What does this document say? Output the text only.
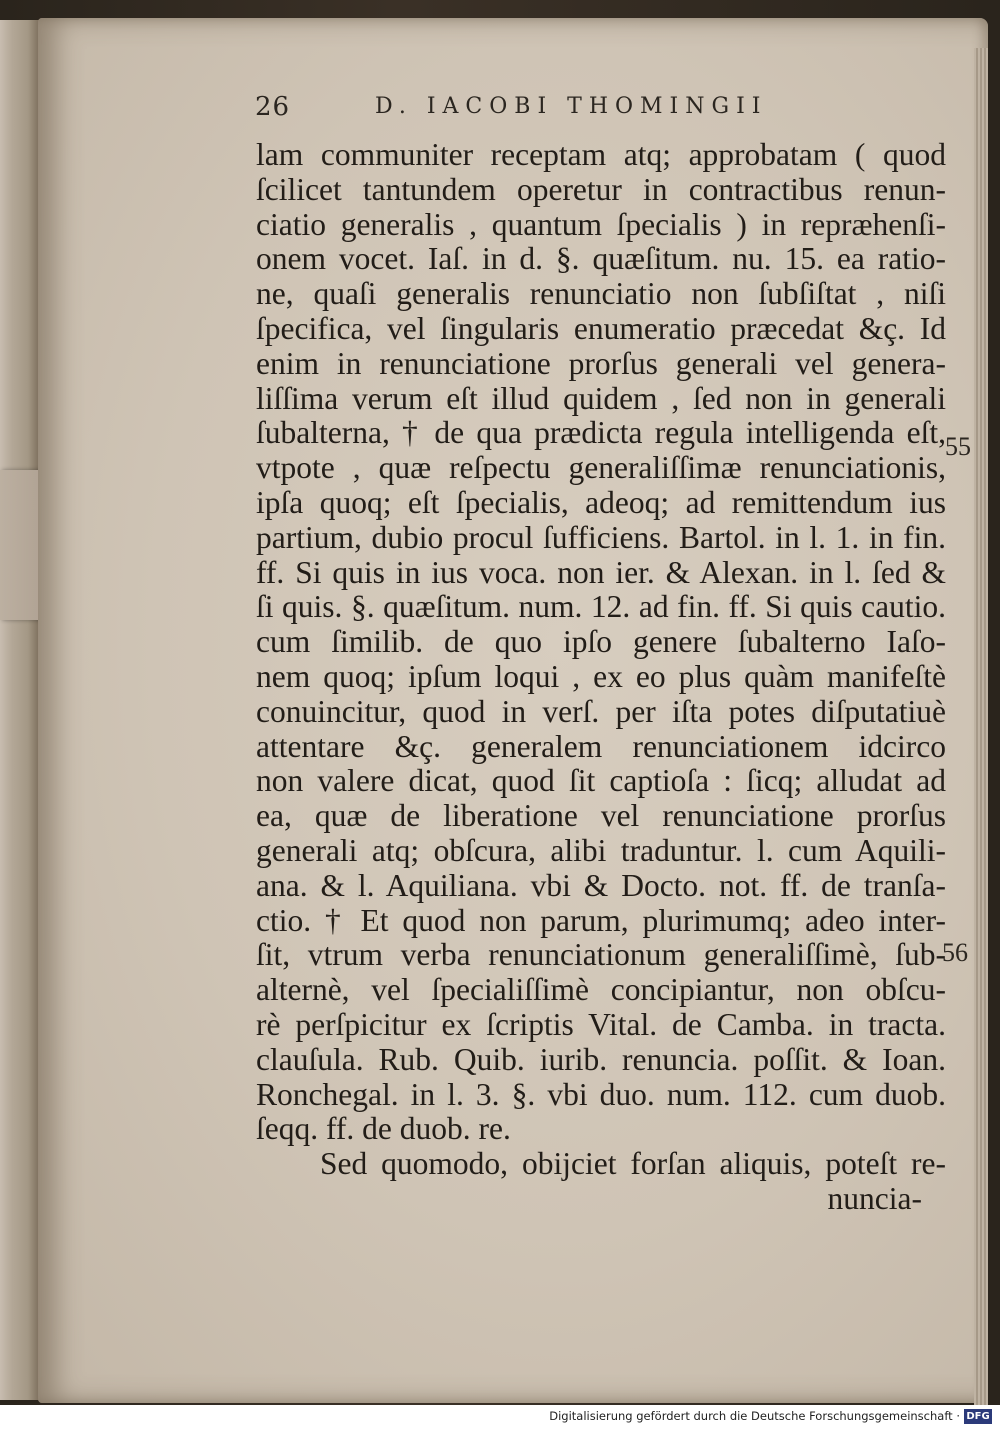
26	D. IACOBI THOMINGII
lam communiter receptam atq; approbatam ( quod
ſcilicet tantundem operetur in contractibus renun-
ciatio generalis , quantum ſpecialis ) in repræhenſi-
onem vocet. Iaſ. in d. §. quæſitum. nu. 15. ea ratio-
ne, quaſi generalis renunciatio non ſubſiſtat , niſi
ſpecifica, vel ſingularis enumeratio præcedat &ç. Id
enim in renunciatione prorſus generali vel genera-
liſſima verum eſt illud quidem , ſed non in generali
ſubalterna, † de qua prædicta regula intelligenda eſt,
vtpote , quæ reſpectu generaliſſimæ renunciationis,
ipſa quoq; eſt ſpecialis, adeoq; ad remittendum ius
partium, dubio procul ſufficiens. Bartol. in l. 1. in fin.
ff. Si quis in ius voca. non ier. & Alexan. in l. ſed &
ſi quis. §. quæſitum. num. 12. ad fin. ff. Si quis cautio.
cum ſimilib. de quo ipſo genere ſubalterno Iaſo-
nem quoq; ipſum loqui , ex eo plus quàm manifeſtè
conuincitur, quod in verſ. per iſta potes diſputatiuè
attentare &ç. generalem renunciationem idcirco
non valere dicat, quod ſit captioſa : ſicq; alludat ad
ea, quæ de liberatione vel renunciatione prorſus
generali atq; obſcura, alibi traduntur. l. cum Aquili-
ana. & l. Aquiliana. vbi & Docto. not. ff. de tranſa-
ctio. † Et quod non parum, plurimumq; adeo inter-
ſit, vtrum verba renunciationum generaliſſimè, ſub-
alternè, vel ſpecialiſſimè concipiantur, non obſcu-
rè perſpicitur ex ſcriptis Vital. de Camba. in tracta.
clauſula. Rub. Quib. iurib. renuncia. poſſit. & Ioan.
Ronchegal. in l. 3. §. vbi duo. num. 112. cum duob.
ſeqq. ff. de duob. re.
Sed quomodo, obijciet forſan aliquis, poteſt re-
nuncia-
55
56
Digitalisierung gefördert durch die Deutsche Forschungsgemeinschaft · DFG
